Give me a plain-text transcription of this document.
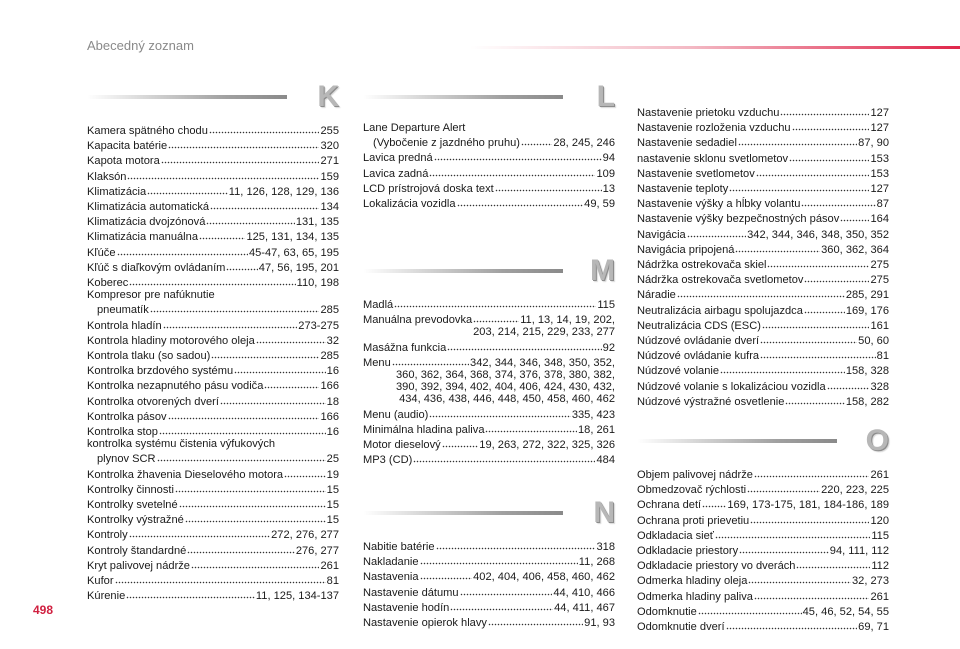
Abecedný zoznam
K
Kamera spätného chodu	255
Kapacita batérie	320
Kapota motora	271
Klaksón	159
Klimatizácia	11, 126, 128, 129, 136
Klimatizácia automatická	134
Klimatizácia dvojzónová	131, 135
Klimatizácia manuálna	125, 131, 134, 135
Kľúče	45-47, 63, 65, 195
Kľúč s diaľkovým ovládaním	47, 56, 195, 201
Koberec	110, 198
Kompresor pre nafúknutie
pneumatík	285
Kontrola hladín	273-275
Kontrola hladiny motorového oleja	32
Kontrola tlaku (so sadou)	285
Kontrolka brzdového systému	16
Kontrolka nezapnutého pásu vodiča	166
Kontrolka otvorených dverí	18
Kontrolka pásov	166
Kontrolka stop	16
kontrolka systému čistenia výfukových
plynov SCR	25
Kontrolka žhavenia Dieselového motora	19
Kontrolky činnosti	15
Kontrolky svetelné	15
Kontrolky výstražné	15
Kontroly	272, 276, 277
Kontroly štandardné	276, 277
Kryt palivovej nádrže	261
Kufor	81
Kúrenie	11, 125, 134-137
L
Lane Departure Alert
(Vybočenie z jazdného pruhu)	28, 245, 246
Lavica predná	94
Lavica zadná	109
LCD prístrojová doska text	13
Lokalizácia vozidla	49, 59
M
Madlá	115
Manuálna prevodovka	11, 13, 14, 19, 202,
203, 214, 215, 229, 233, 277
Masážna funkcia	92
Menu	342, 344, 346, 348, 350, 352,
360, 362, 364, 368, 374, 376, 378, 380, 382,
390, 392, 394, 402, 404, 406, 424, 430, 432,
434, 436, 438, 446, 448, 450, 458, 460, 462
Menu (audio)	335, 423
Minimálna hladina paliva	18, 261
Motor dieselový	19, 263, 272, 322, 325, 326
MP3 (CD)	484
N
Nabitie batérie	318
Nakladanie	11, 268
Nastavenia	402, 404, 406, 458, 460, 462
Nastavenie dátumu	44, 410, 466
Nastavenie hodín	44, 411, 467
Nastavenie opierok hlavy	91, 93
Nastavenie prietoku vzduchu	127
Nastavenie rozloženia vzduchu	127
Nastavenie sedadiel	87, 90
nastavenie sklonu svetlometov	153
Nastavenie svetlometov	153
Nastavenie teploty	127
Nastavenie výšky a hĺbky volantu	87
Nastavenie výšky bezpečnostných pásov	164
Navigácia	342, 344, 346, 348, 350, 352
Navigácia pripojená	360, 362, 364
Nádržka ostrekovača skiel	275
Nádržka ostrekovača svetlometov	275
Náradie	285, 291
Neutralizácia airbagu spolujazdca	169, 176
Neutralizácia CDS (ESC)	161
Núdzové ovládanie dverí	50, 60
Núdzové ovládanie kufra	81
Núdzové volanie	158, 328
Núdzové volanie s lokalizáciou vozidla	328
Núdzové výstražné osvetlenie	158, 282
O
Objem palivovej nádrže	261
Obmedzovač rýchlosti	220, 223, 225
Ochrana detí 169, 173-175, 181, 184-186, 189
Ochrana proti prievetiu	120
Odkladacia sieť	115
Odkladacie priestory	94, 111, 112
Odkladacie priestory vo dverách	112
Odmerka hladiny oleja	32, 273
Odmerka hladiny paliva	261
Odomknutie	45, 46, 52, 54, 55
Odomknutie dverí	69, 71
498
